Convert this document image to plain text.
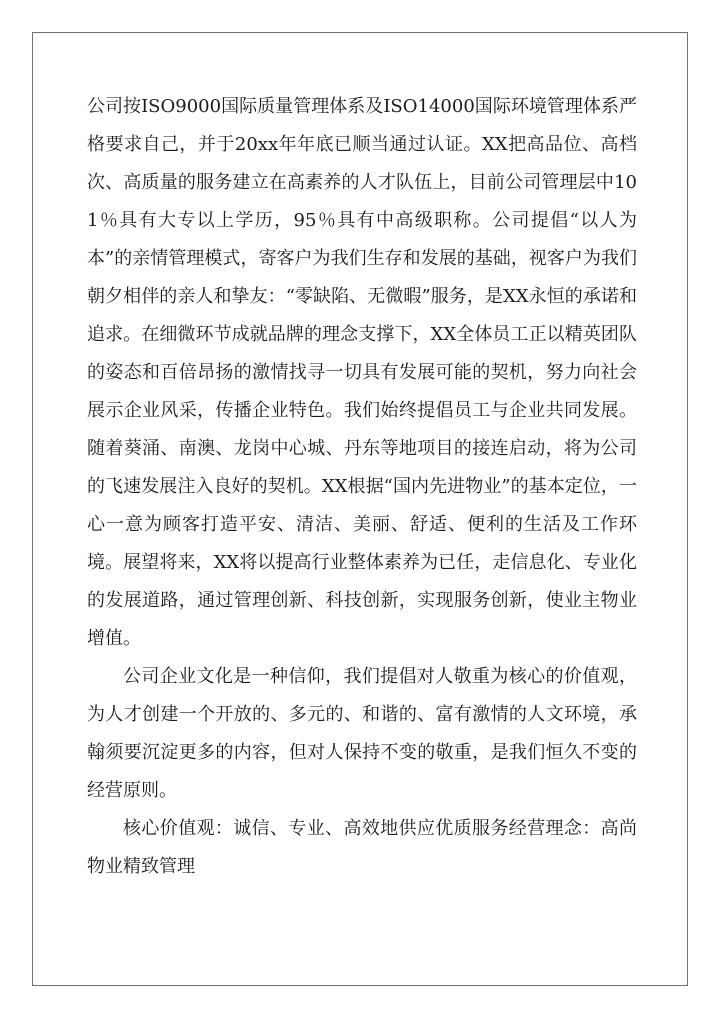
公司按ISO9000国际质量管理体系及ISO14000国际环境管理体系严格要求自己，并于20xx年年底已顺当通过认证。XX把高品位、高档次、高质量的服务建立在高素养的人才队伍上，目前公司管理层中101％具有大专以上学历，95％具有中高级职称。公司提倡“以人为本”的亲情管理模式，寄客户为我们生存和发展的基础，视客户为我们朝夕相伴的亲人和挚友：“零缺陷、无微暇”服务，是XX永恒的承诺和追求。在细微环节成就品牌的理念支撑下，XX全体员工正以精英团队的姿态和百倍昂扬的激情找寻一切具有发展可能的契机，努力向社会展示企业风采，传播企业特色。我们始终提倡员工与企业共同发展。随着葵涌、南澳、龙岗中心城、丹东等地项目的接连启动，将为公司的飞速发展注入良好的契机。XX根据“国内先进物业”的基本定位，一心一意为顾客打造平安、清洁、美丽、舒适、便利的生活及工作环境。展望将来，XX将以提高行业整体素养为已任，走信息化、专业化的发展道路，通过管理创新、科技创新，实现服务创新，使业主物业增值。

公司企业文化是一种信仰，我们提倡对人敬重为核心的价值观，为人才创建一个开放的、多元的、和谐的、富有激情的人文环境，承翰须要沉淀更多的内容，但对人保持不变的敬重，是我们恒久不变的经营原则。

核心价值观：诚信、专业、高效地供应优质服务经营理念：高尚物业精致管理
